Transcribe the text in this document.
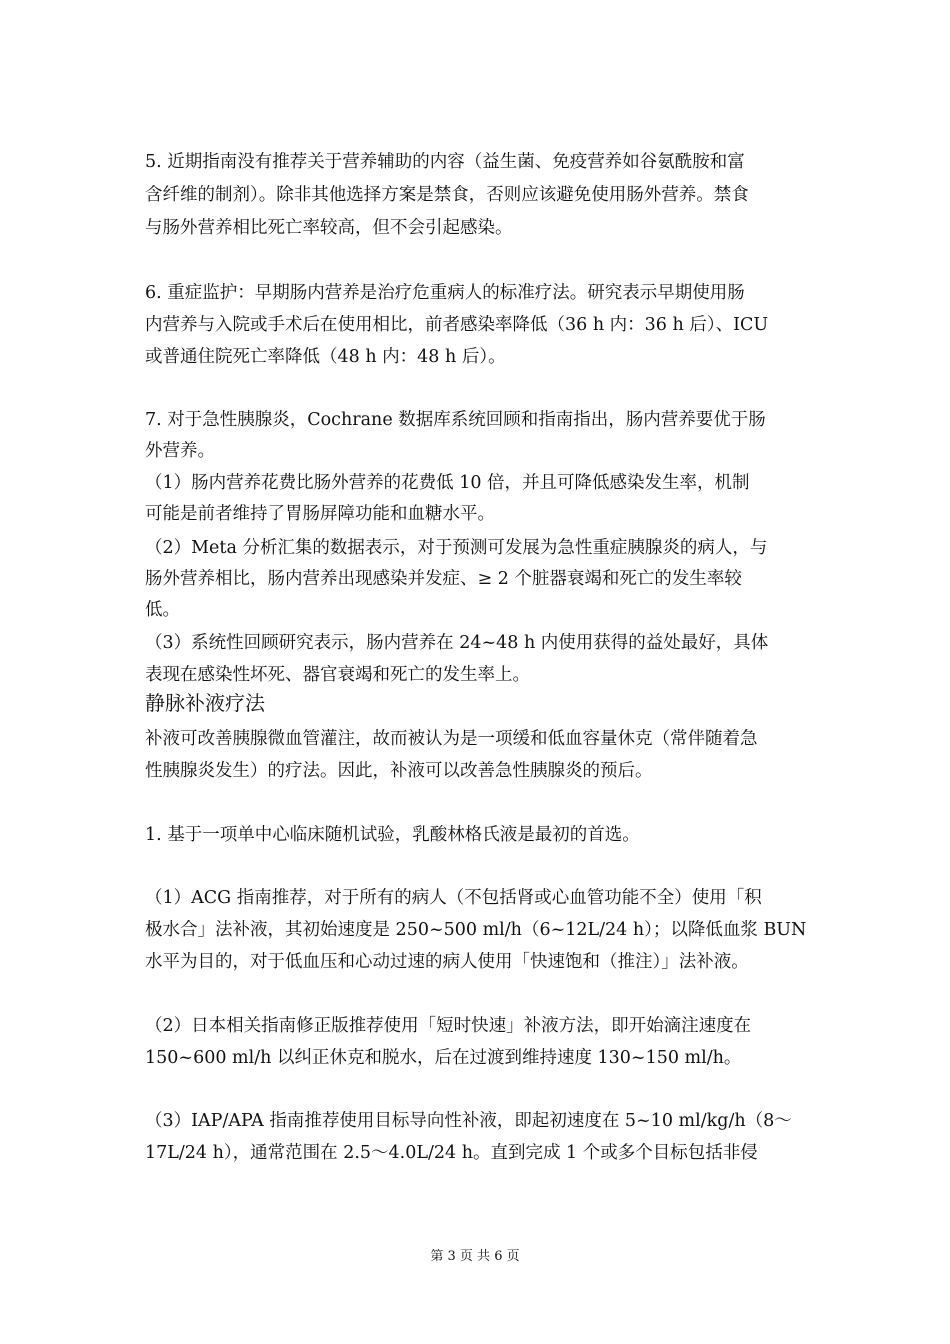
5. 近期指南没有推荐关于营养辅助的内容（益生菌、免疫营养如谷氨酰胺和富
含纤维的制剂）。除非其他选择方案是禁食，否则应该避免使用肠外营养。禁食
与肠外营养相比死亡率较高，但不会引起感染。
6. 重症监护：早期肠内营养是治疗危重病人的标准疗法。研究表示早期使用肠
内营养与入院或手术后在使用相比，前者感染率降低（36 h 内：36 h 后）、ICU
或普通住院死亡率降低（48 h 内：48 h 后）。
7. 对于急性胰腺炎，Cochrane 数据库系统回顾和指南指出，肠内营养要优于肠
外营养。
（1）肠内营养花费比肠外营养的花费低 10 倍，并且可降低感染发生率，机制
可能是前者维持了胃肠屏障功能和血糖水平。
（2）Meta 分析汇集的数据表示，对于预测可发展为急性重症胰腺炎的病人，与
肠外营养相比，肠内营养出现感染并发症、≥ 2 个脏器衰竭和死亡的发生率较
低。
（3）系统性回顾研究表示，肠内营养在 24~48 h 内使用获得的益处最好，具体
表现在感染性坏死、器官衰竭和死亡的发生率上。
静脉补液疗法
补液可改善胰腺微血管灌注，故而被认为是一项缓和低血容量休克（常伴随着急
性胰腺炎发生）的疗法。因此，补液可以改善急性胰腺炎的预后。
1. 基于一项单中心临床随机试验，乳酸林格氏液是最初的首选。
（1）ACG 指南推荐，对于所有的病人（不包括肾或心血管功能不全）使用「积
极水合」法补液，其初始速度是 250~500 ml/h（6~12L/24 h）；以降低血浆 BUN
水平为目的，对于低血压和心动过速的病人使用「快速饱和（推注）」法补液。
（2）日本相关指南修正版推荐使用「短时快速」补液方法，即开始滴注速度在
150~600 ml/h 以纠正休克和脱水，后在过渡到维持速度 130~150 ml/h。
（3）IAP/APA 指南推荐使用目标导向性补液，即起初速度在 5~10 ml/kg/h（8～
17L/24 h），通常范围在 2.5～4.0L/24 h。直到完成 1 个或多个目标包括非侵
第 3 页 共 6 页
